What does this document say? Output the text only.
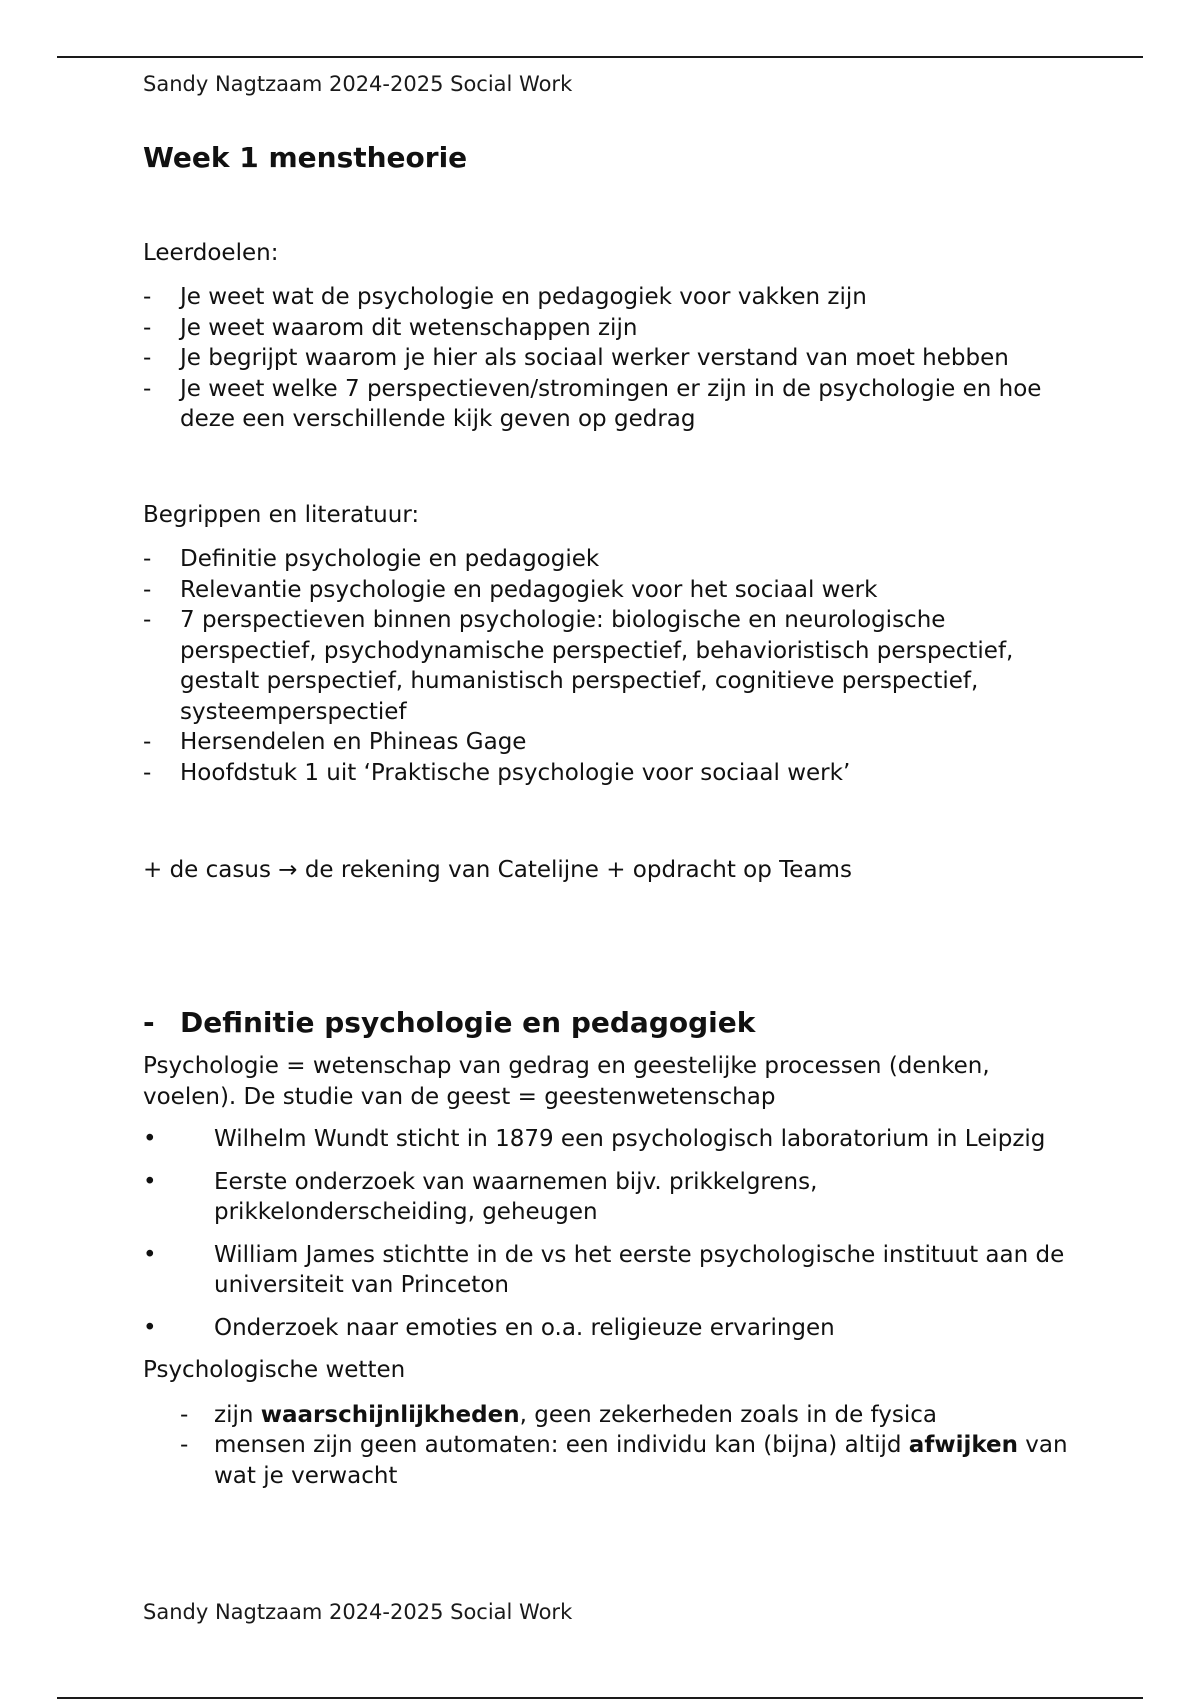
Sandy Nagtzaam 2024-2025 Social Work
Week 1 menstheorie
Leerdoelen:
- Je weet wat de psychologie en pedagogiek voor vakken zijn
- Je weet waarom dit wetenschappen zijn
- Je begrijpt waarom je hier als sociaal werker verstand van moet hebben
- Je weet welke 7 perspectieven/stromingen er zijn in de psychologie en hoe deze een verschillende kijk geven op gedrag
Begrippen en literatuur:
- Definitie psychologie en pedagogiek
- Relevantie psychologie en pedagogiek voor het sociaal werk
- 7 perspectieven binnen psychologie: biologische en neurologische perspectief, psychodynamische perspectief, behavioristisch perspectief, gestalt perspectief, humanistisch perspectief, cognitieve perspectief, systeemperspectief
- Hersendelen en Phineas Gage
- Hoofdstuk 1 uit ‘Praktische psychologie voor sociaal werk’
+ de casus → de rekening van Catelijne + opdracht op Teams
- Definitie psychologie en pedagogiek
Psychologie = wetenschap van gedrag en geestelijke processen (denken, voelen). De studie van de geest = geestenwetenschap
• Wilhelm Wundt sticht in 1879 een psychologisch laboratorium in Leipzig
• Eerste onderzoek van waarnemen bijv. prikkelgrens, prikkelonderscheiding, geheugen
• William James stichtte in de vs het eerste psychologische instituut aan de universiteit van Princeton
• Onderzoek naar emoties en o.a. religieuze ervaringen
Psychologische wetten
- zijn waarschijnlijkheden, geen zekerheden zoals in de fysica
- mensen zijn geen automaten: een individu kan (bijna) altijd afwijken van wat je verwacht
Sandy Nagtzaam 2024-2025 Social Work
